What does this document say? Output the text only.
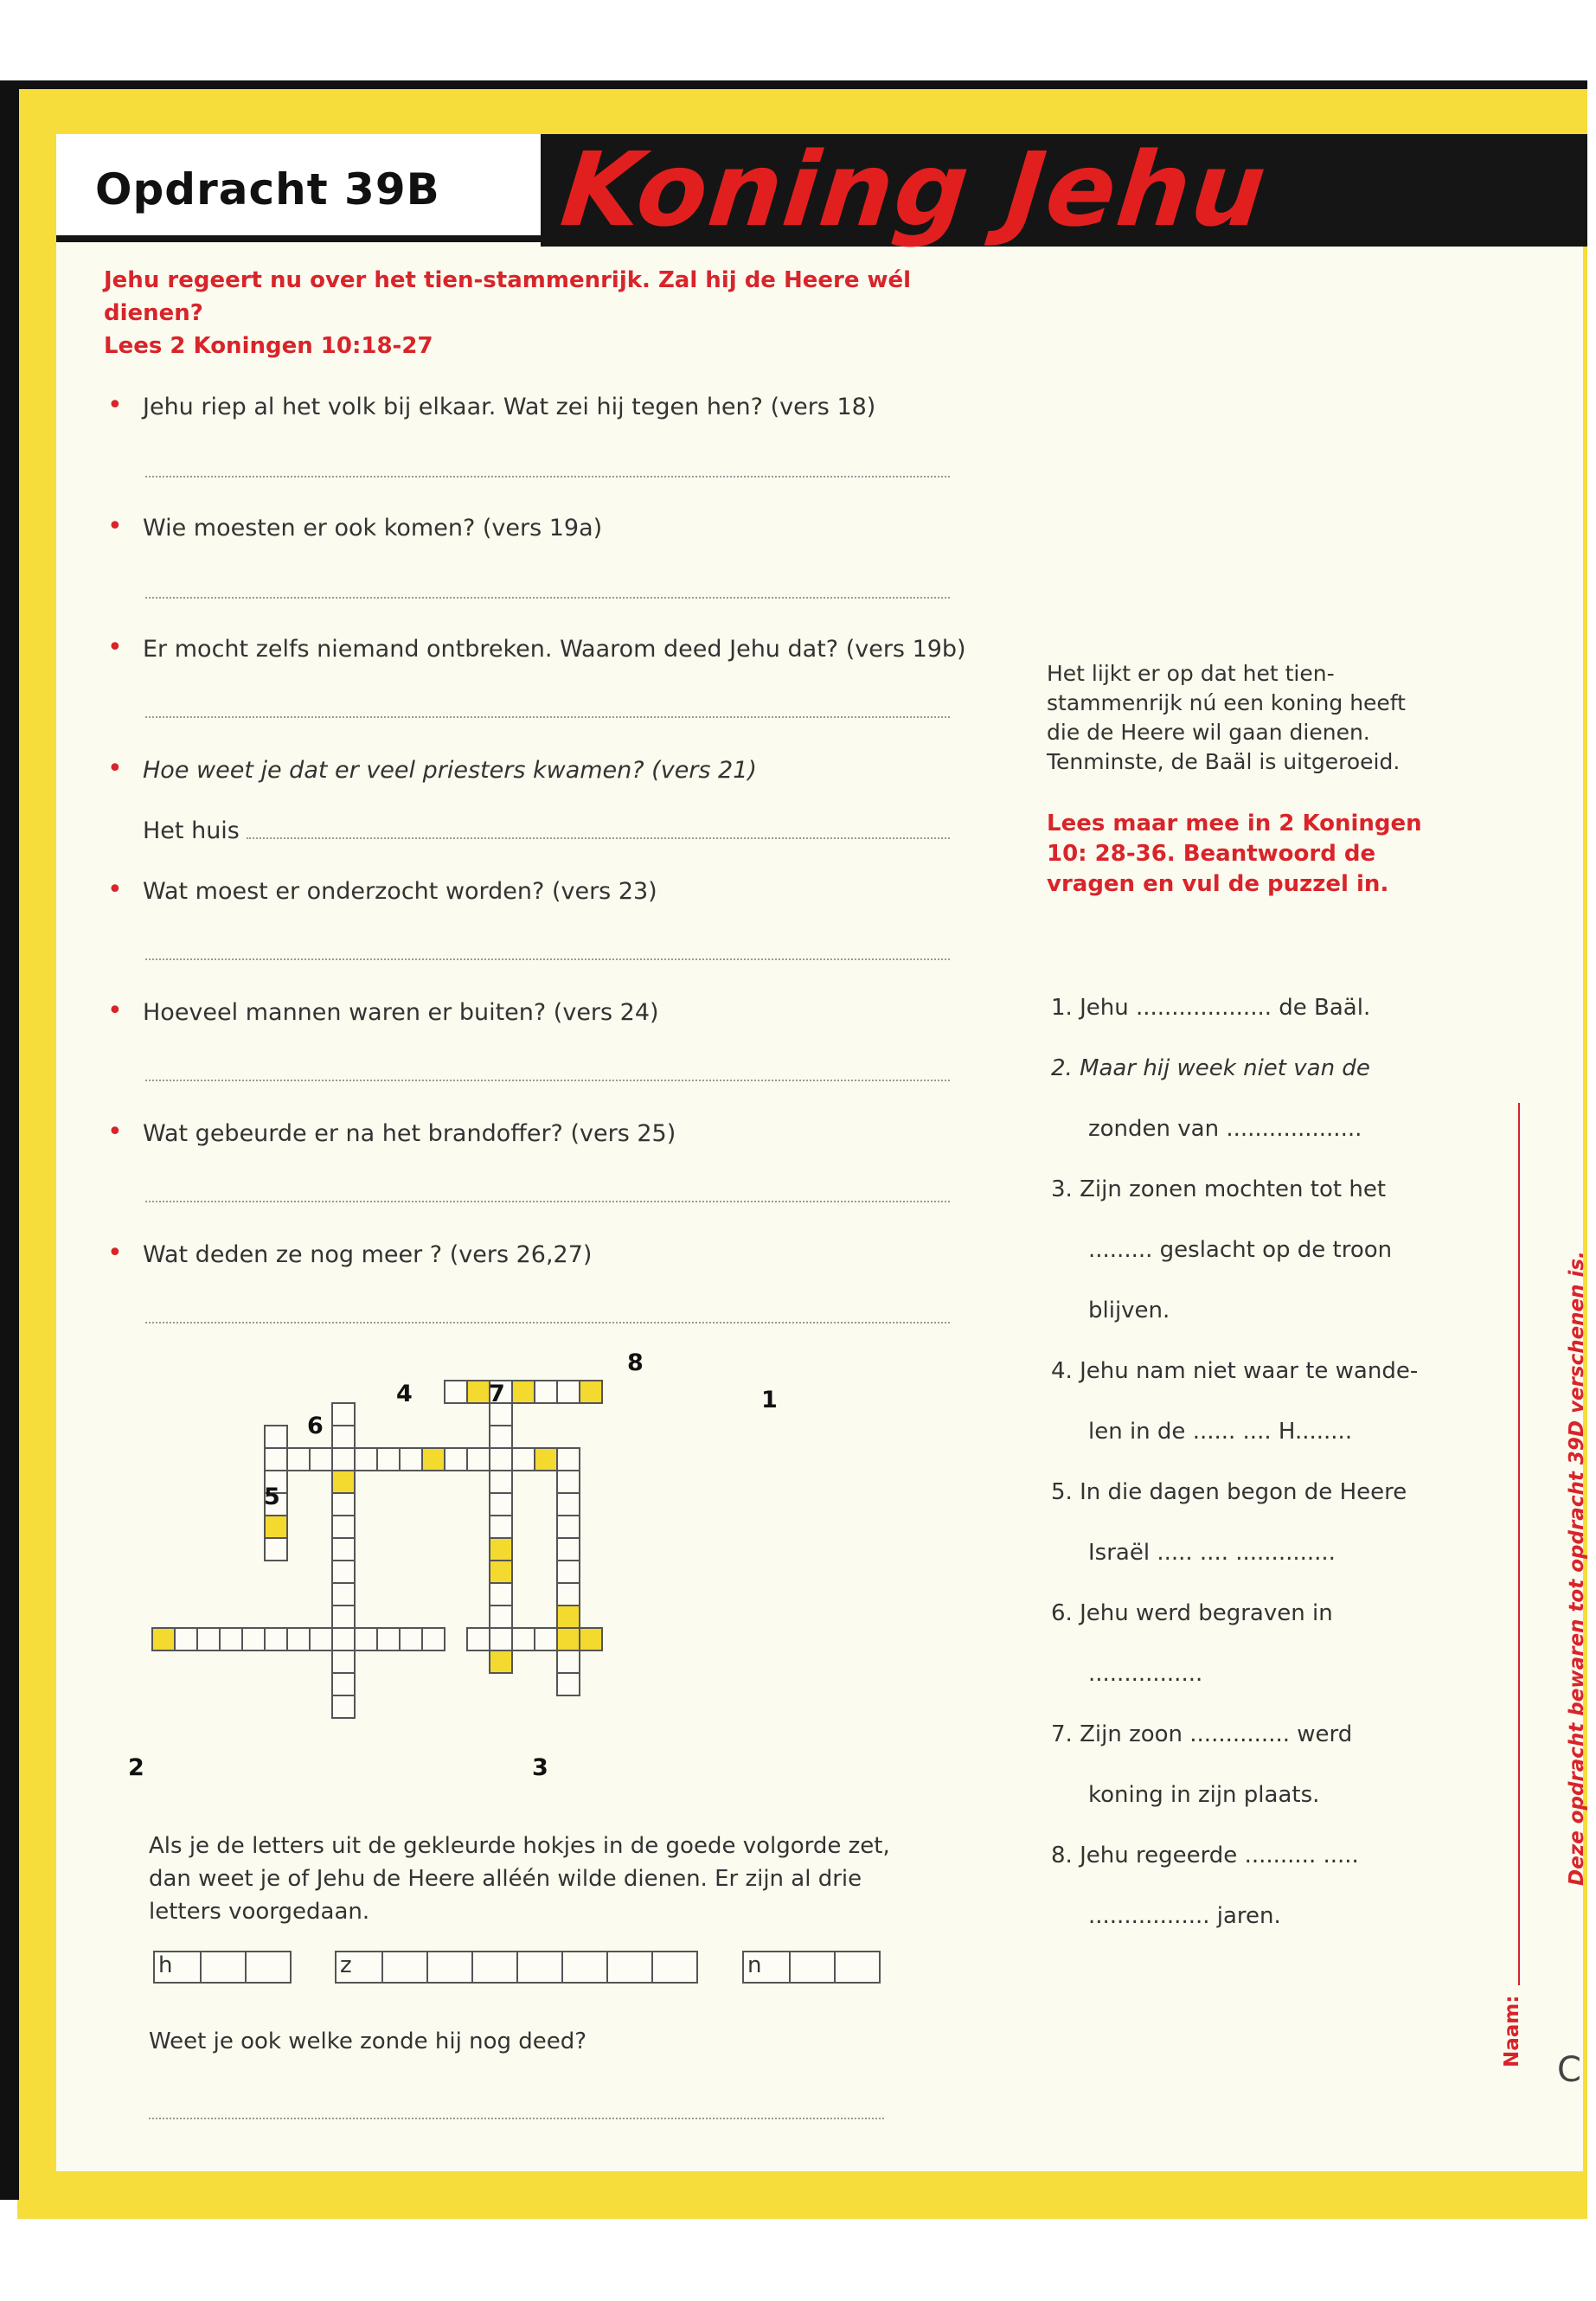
Opdracht 39B Koning Jehu
Jehu regeert nu over het tien-stammenrijk. Zal hij de Heere wél dienen?
Lees 2 Koningen 10:18-27
• Jehu riep al het volk bij elkaar. Wat zei hij tegen hen? (vers 18)
• Wie moesten er ook komen? (vers 19a)
• Er mocht zelfs niemand ontbreken. Waarom deed Jehu dat? (vers 19b)
• Hoe weet je dat er veel priesters kwamen? (vers 21)
Het huis
• Wat moest er onderzocht worden? (vers 23)
• Hoeveel mannen waren er buiten? (vers 24)
• Wat gebeurde er na het brandoffer? (vers 25)
• Wat deden ze nog meer ? (vers 26,27)
Het lijkt er op dat het tien-stammenrijk nú een koning heeft die de Heere wil gaan dienen. Tenminste, de Baäl is uitgeroeid.
Lees maar mee in 2 Koningen 10: 28-36. Beantwoord de vragen en vul de puzzel in.
1. Jehu ................... de Baäl.
2. Maar hij week niet van de
zonden van ...................
3. Zijn zonen mochten tot het
......... geslacht op de troon
blijven.
4. Jehu nam niet waar te wande-
len in de ...... .... H........
5. In die dagen begon de Heere
Israël ..... .... ..............
6. Jehu werd begraven in
................
7. Zijn zoon .............. werd
koning in zijn plaats.
8. Jehu regeerde .......... .....
................. jaren.
1
2	3
4
5
6
7
8
Als je de letters uit de gekleurde hokjes in de goede volgorde zet, dan weet je of Jehu de Heere alléén wilde dienen. Er zijn al drie letters voorgedaan.
h	z	n
Weet je ook welke zonde hij nog deed?
Deze opdracht bewaren tot opdracht 39D verschenen is.
Naam:
C
